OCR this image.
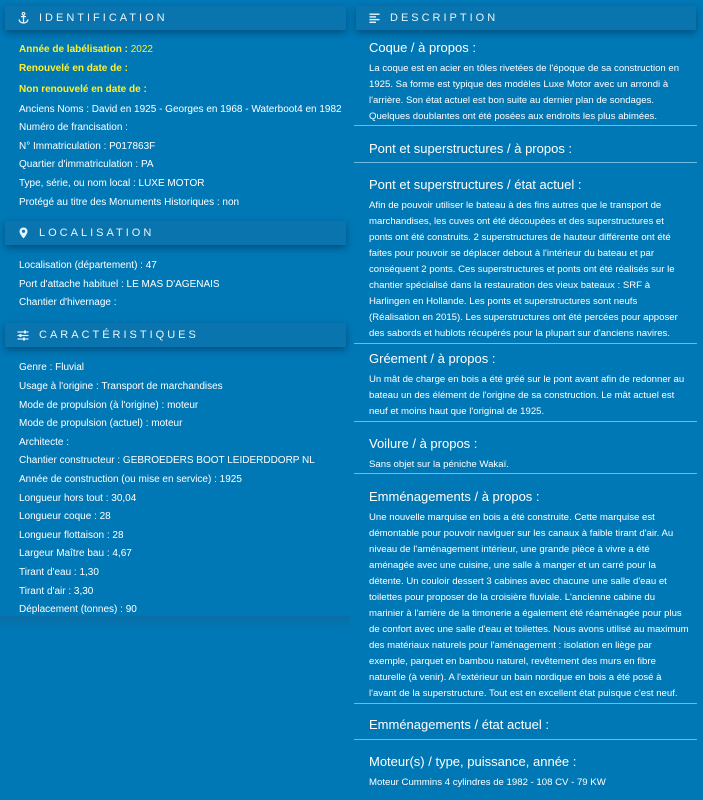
IDENTIFICATION
Année de labélisation : 2022
Renouvelé en date de :
Non renouvelé en date de :
Anciens Noms : David en 1925 - Georges en 1968 - Waterboot4 en 1982
Numéro de francisation :
N° Immatriculation : P017863F
Quartier d'immatriculation : PA
Type, série, ou nom local : LUXE MOTOR
Protégé au titre des Monuments Historiques : non
LOCALISATION
Localisation (département) : 47
Port d'attache habituel : LE MAS D'AGENAIS
Chantier d'hivernage :
CARACTÉRISTIQUES
Genre : Fluvial
Usage à l'origine : Transport de marchandises
Mode de propulsion (à l'origine) : moteur
Mode de propulsion (actuel) : moteur
Architecte :
Chantier constructeur : GEBROEDERS BOOT LEIDERDDORP NL
Année de construction (ou mise en service) : 1925
Longueur hors tout : 30,04
Longueur coque : 28
Longueur flottaison : 28
Largeur Maître bau : 4,67
Tirant d'eau : 1,30
Tirant d'air : 3,30
Déplacement (tonnes) : 90
DESCRIPTION
Coque / à propos :
La coque est en acier en tôles rivetées de l'époque de sa construction en 1925. Sa forme est typique des modèles Luxe Motor avec un arrondi à l'arrière. Son état actuel est bon suite au dernier plan de sondages. Quelques doublantes ont été posées aux endroits les plus abimées.
Pont et superstructures / à propos :
Pont et superstructures / état actuel :
Afin de pouvoir utiliser le bateau à des fins autres que le transport de marchandises, les cuves ont été découpées et des superstructures et ponts ont été construits. 2 superstructures de hauteur différente ont été faites pour pouvoir se déplacer debout à l'intérieur du bateau et par conséquent 2 ponts. Ces superstructures et ponts ont été réalisés sur le chantier spécialisé dans la restauration des vieux bateaux : SRF à Harlingen en Hollande. Les ponts et superstructures sont neufs (Réalisation en 2015). Les superstructures ont été percées pour apposer des sabords et hublots récupérés pour la plupart sur d'anciens navires.
Gréement / à propos :
Un mât de charge en bois a été gréé sur le pont avant afin de redonner au bateau un des élément de l'origine de sa construction. Le mât actuel est neuf et moins haut que l'original de 1925.
Voilure / à propos :
Sans objet sur la péniche Wakaï.
Emménagements / à propos :
Une nouvelle marquise en bois a été construite. Cette marquise est démontable pour pouvoir naviguer sur les canaux à faible tirant d'air. Au niveau de l'aménagement intérieur, une grande pièce à vivre a été aménagée avec une cuisine, une salle à manger et un carré pour la détente. Un couloir dessert 3 cabines avec chacune une salle d'eau et toilettes pour proposer de la croisière fluviale. L'ancienne cabine du marinier à l'arrière de la timonerie a également été réaménagée pour plus de confort avec une salle d'eau et toilettes. Nous avons utilisé au maximum des matériaux naturels pour l'aménagement : isolation en liège par exemple, parquet en bambou naturel, revêtement des murs en fibre naturelle (à venir). A l'extérieur un bain nordique en bois a été posé à l'avant de la superstructure. Tout est en excellent état puisque c'est neuf.
Emménagements / état actuel :
Moteur(s) / type, puissance, année :
Moteur Cummins 4 cylindres de 1982 - 108 CV - 79 KW
